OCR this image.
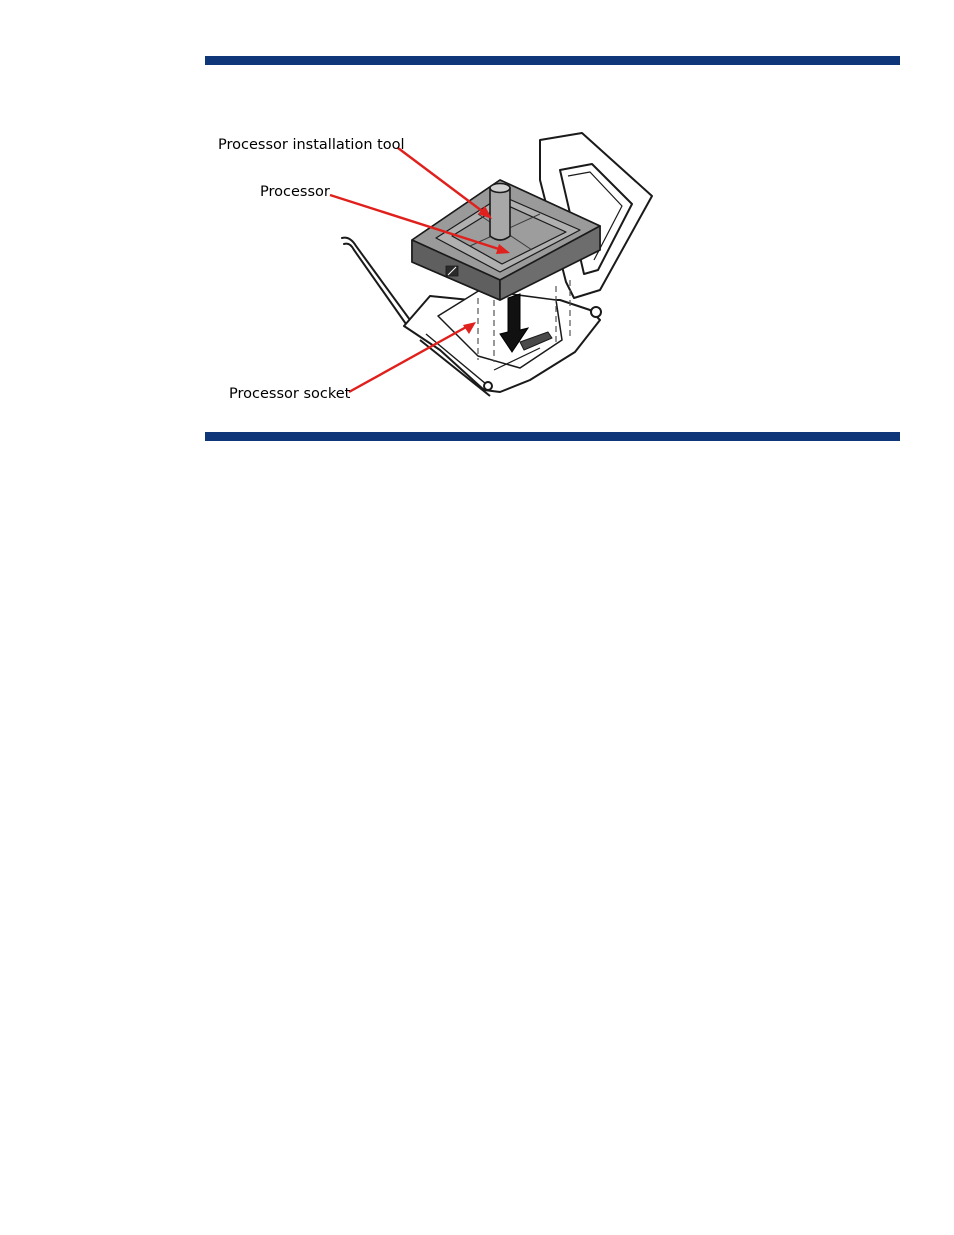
Processor installation tool
Processor
Processor socket
